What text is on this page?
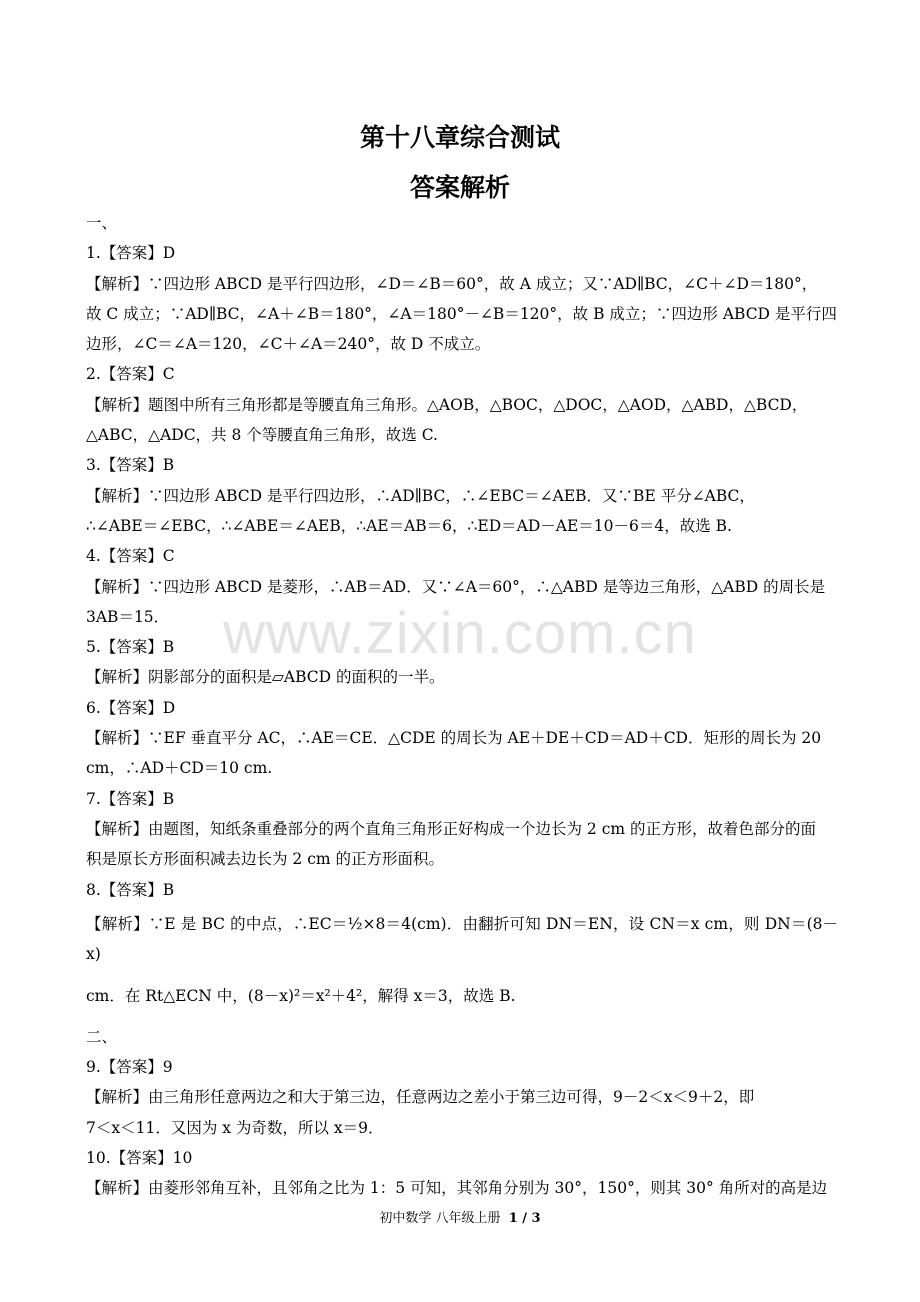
第十八章综合测试
答案解析
www.zixin.com.cn

一、

1.【答案】D

【解析】∵四边形 ABCD 是平行四边形，∠D＝∠B＝60°，故 A 成立；又∵AD∥BC，∠C＋∠D＝180°，

故 C 成立；∵AD∥BC，∠A＋∠B＝180°，∠A＝180°－∠B＝120°，故 B 成立；∵四边形 ABCD 是平行四

边形，∠C＝∠A＝120，∠C＋∠A＝240°，故 D 不成立。

2.【答案】C

【解析】题图中所有三角形都是等腰直角三角形。△AOB，△BOC，△DOC，△AOD，△ABD，△BCD，

△ABC，△ADC，共 8 个等腰直角三角形，故选 C.

3.【答案】B

【解析】∵四边形 ABCD 是平行四边形，∴AD∥BC，∴∠EBC＝∠AEB．又∵BE 平分∠ABC，

∴∠ABE＝∠EBC，∴∠ABE＝∠AEB，∴AE＝AB＝6，∴ED＝AD－AE＝10－6＝4，故选 B.

4.【答案】C

【解析】∵四边形 ABCD 是菱形，∴AB＝AD．又∵∠A＝60°，∴△ABD 是等边三角形，△ABD 的周长是

3AB＝15．

5.【答案】B

【解析】阴影部分的面积是▱ABCD 的面积的一半。

6.【答案】D

【解析】∵EF 垂直平分 AC，∴AE＝CE．△CDE 的周长为 AE＋DE＋CD＝AD＋CD．矩形的周长为 20

cm，∴AD＋CD＝10 cm.

7.【答案】B

【解析】由题图，知纸条重叠部分的两个直角三角形正好构成一个边长为 2 cm 的正方形，故着色部分的面

积是原长方形面积减去边长为 2 cm 的正方形面积。

8.【答案】B

【解析】∵E 是 BC 的中点，∴EC＝½×8＝4(cm)．由翻折可知 DN＝EN，设 CN＝x cm，则 DN＝(8－x)

cm．在 Rt△ECN 中，(8－x)²＝x²＋4²，解得 x＝3，故选 B.

二、

9.【答案】9

【解析】由三角形任意两边之和大于第三边，任意两边之差小于第三边可得，9－2＜x＜9＋2，即

7＜x＜11．又因为 x 为奇数，所以 x＝9．

10.【答案】10

【解析】由菱形邻角互补，且邻角之比为 1：5 可知，其邻角分别为 30°，150°，则其 30° 角所对的高是边

初中数学 八年级上册 1 / 3
